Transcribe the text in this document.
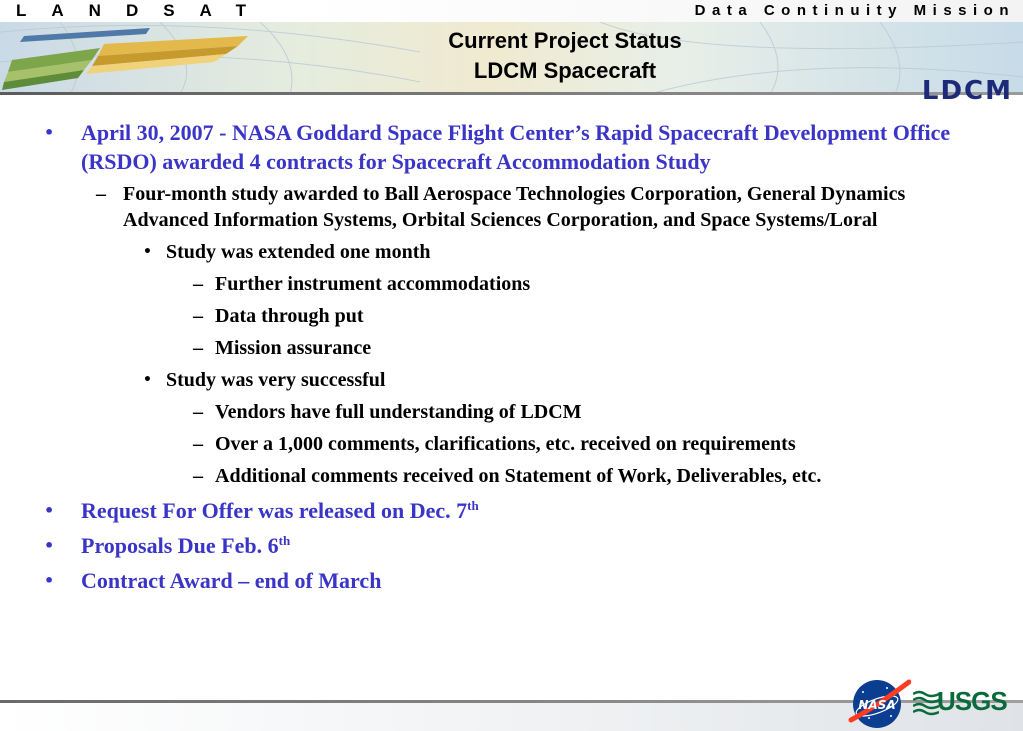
LANDSAT	Data Continuity Mission
Current Project Status
LDCM Spacecraft
LDCM
• April 30, 2007 - NASA Goddard Space Flight Center’s Rapid Spacecraft Development Office (RSDO) awarded 4 contracts for Spacecraft Accommodation Study
– Four-month study awarded to Ball Aerospace Technologies Corporation, General Dynamics Advanced Information Systems, Orbital Sciences Corporation, and Space Systems/Loral
• Study was extended one month
– Further instrument accommodations
– Data through put
– Mission assurance
• Study was very successful
– Vendors have full understanding of LDCM
– Over a 1,000 comments, clarifications, etc. received on requirements
– Additional comments received on Statement of Work, Deliverables, etc.
• Request For Offer was released on Dec. 7th
• Proposals Due Feb. 6th
• Contract Award – end of March
NASA USGS
